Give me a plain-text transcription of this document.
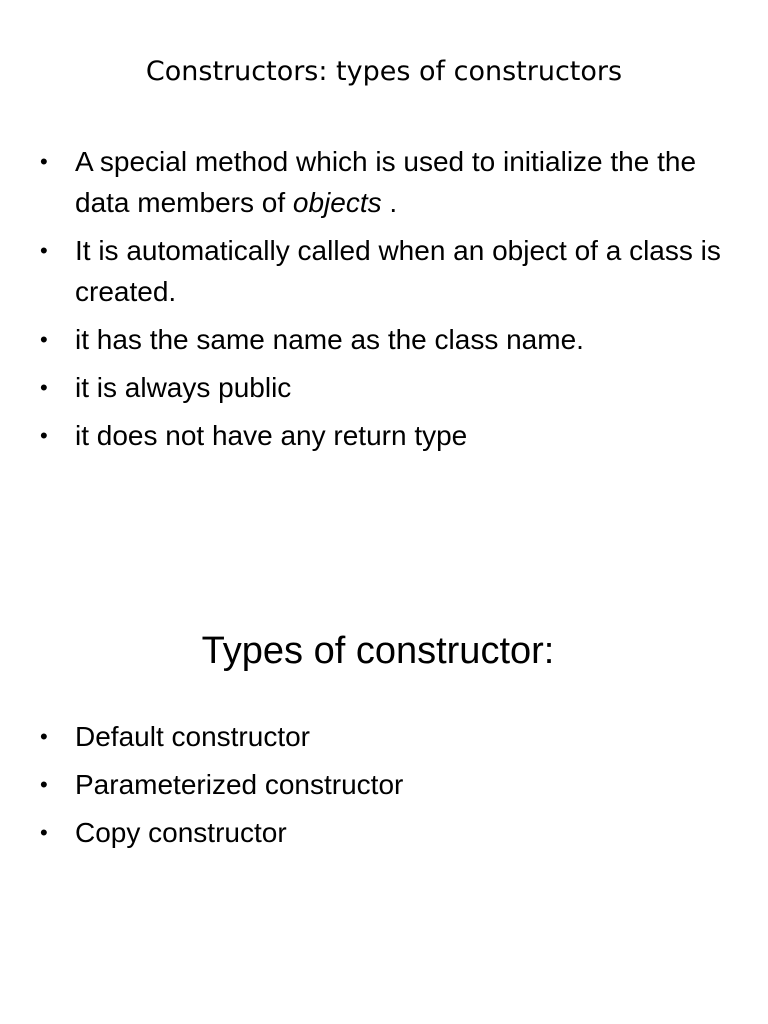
Constructors: types of constructors
• A special method which is used to initialize the the data members of objects .
• It is automatically called when an object of a class is created.
• it has the same name as the class name.
• it is always public
• it does not have any return type
Types of constructor:
• Default constructor
• Parameterized constructor
• Copy constructor
